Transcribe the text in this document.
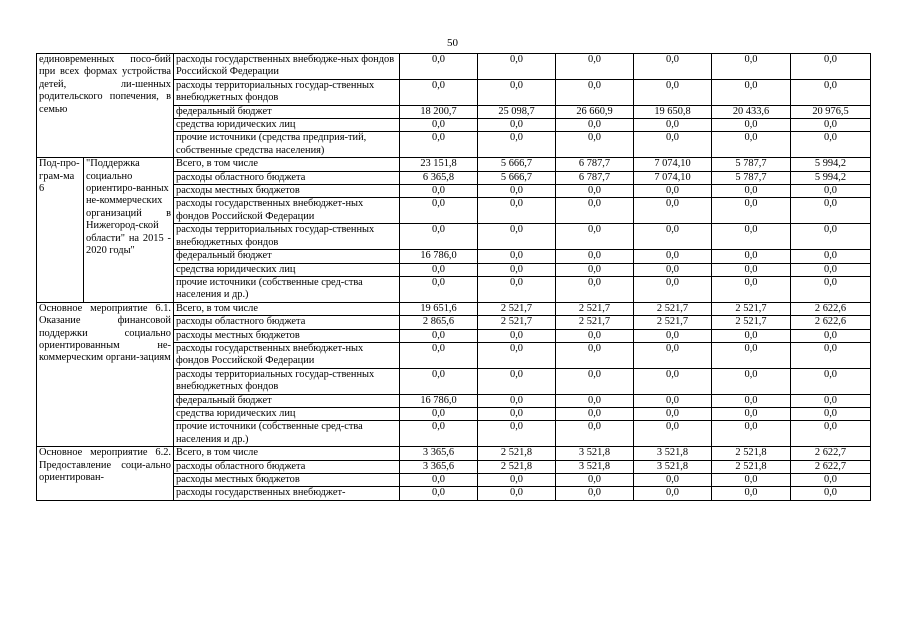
50
единовременных посо-бий при всех формах устройства детей, ли-шенных родительского попечения, в семью		расходы государственных внебюдже-ных фондов Российской Федерации	0,0	0,0	0,0	0,0	0,0	0,0
		расходы территориальных государ-ственных внебюджетных фондов	0,0	0,0	0,0	0,0	0,0	0,0
		федеральный бюджет	18 200,7	25 098,7	26 660,9	19 650,8	20 433,6	20 976,5
		средства юридических лиц	0,0	0,0	0,0	0,0	0,0	0,0
		прочие источники (средства предприя-тий, собственные средства населения)	0,0	0,0	0,0	0,0	0,0	0,0
Под-про-грам-ма 6	"Поддержка социально ориентиро-ванных не-коммерческих организаций в Нижегород-ской области" на 2015 - 2020 годы"	Всего, в том числе	23 151,8	5 666,7	6 787,7	7 074,10	5 787,7	5 994,2
		расходы областного бюджета	6 365,8	5 666,7	6 787,7	7 074,10	5 787,7	5 994,2
		расходы местных бюджетов	0,0	0,0	0,0	0,0	0,0	0,0
		расходы государственных внебюджет-ных фондов Российской Федерации	0,0	0,0	0,0	0,0	0,0	0,0
		расходы территориальных государ-ственных внебюджетных фондов	0,0	0,0	0,0	0,0	0,0	0,0
		федеральный бюджет	16 786,0	0,0	0,0	0,0	0,0	0,0
		средства юридических лиц	0,0	0,0	0,0	0,0	0,0	0,0
		прочие источники (собственные сред-ства населения и др.)	0,0	0,0	0,0	0,0	0,0	0,0
Основное мероприятие 6.1. Оказание финансовой поддержки социально ориентированным не-коммерческим органи-зациям		Всего, в том числе	19 651,6	2 521,7	2 521,7	2 521,7	2 521,7	2 622,6
		расходы областного бюджета	2 865,6	2 521,7	2 521,7	2 521,7	2 521,7	2 622,6
		расходы местных бюджетов	0,0	0,0	0,0	0,0	0,0	0,0
		расходы государственных внебюджет-ных фондов Российской Федерации	0,0	0,0	0,0	0,0	0,0	0,0
		расходы территориальных государ-ственных внебюджетных фондов	0,0	0,0	0,0	0,0	0,0	0,0
		федеральный бюджет	16 786,0	0,0	0,0	0,0	0,0	0,0
		средства юридических лиц	0,0	0,0	0,0	0,0	0,0	0,0
		прочие источники (собственные сред-ства населения и др.)	0,0	0,0	0,0	0,0	0,0	0,0
Основное мероприятие 6.2. Предоставление соци-ально ориентирован-		Всего, в том числе	3 365,6	2 521,8	3 521,8	3 521,8	2 521,8	2 622,7
		расходы областного бюджета	3 365,6	2 521,8	3 521,8	3 521,8	2 521,8	2 622,7
		расходы местных бюджетов	0,0	0,0	0,0	0,0	0,0	0,0
		расходы государственных внебюджет-	0,0	0,0	0,0	0,0	0,0	0,0
